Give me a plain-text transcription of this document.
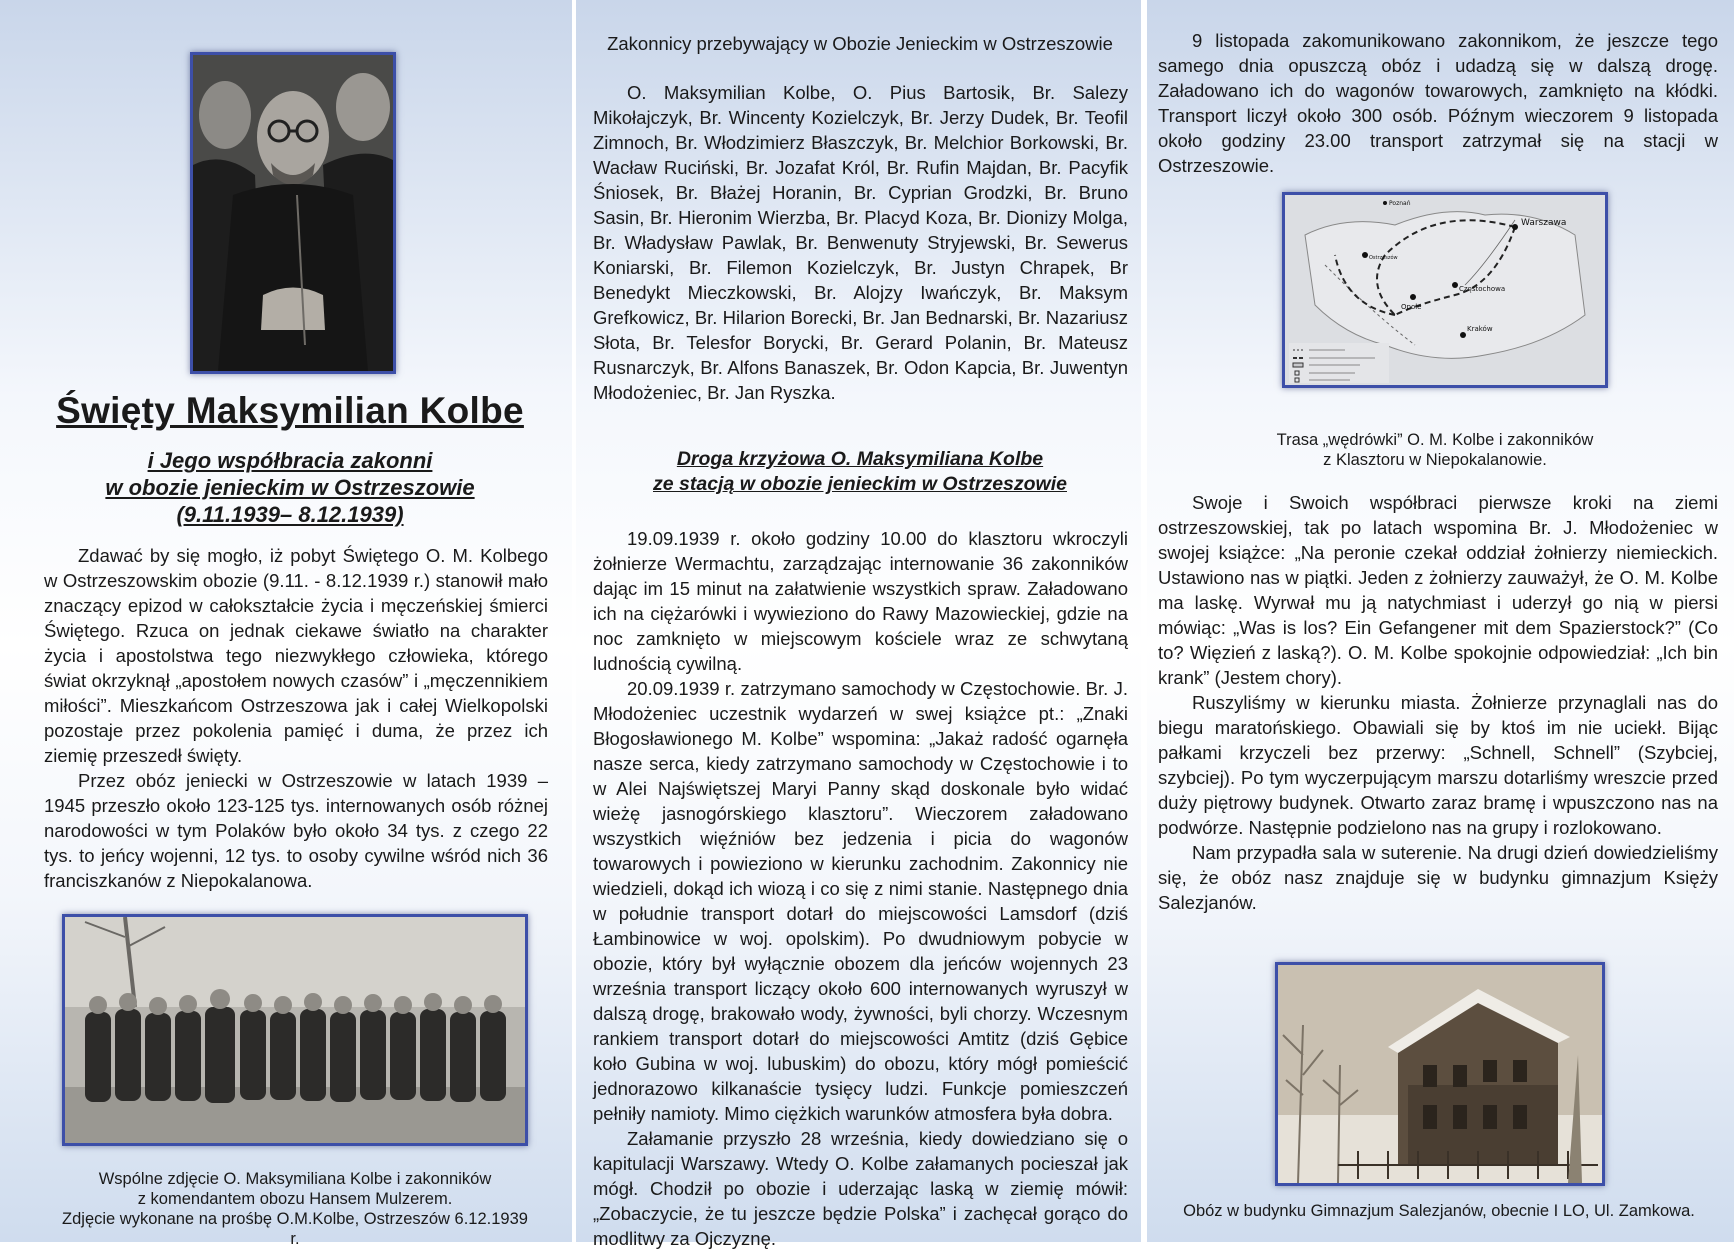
Święty Maksymilian Kolbe
i Jego współbracia zakonni
w obozie jenieckim w Ostrzeszowie
(9.11.1939– 8.12.1939)

Zdawać by się mogło, iż pobyt Świętego O. M. Kolbego w Ostrzeszowskim obozie (9.11. - 8.12.1939 r.) stanowił mało znaczący epizod w całokształcie życia i męczeńskiej śmierci Świętego. Rzuca on jednak ciekawe światło na charakter życia i apostolstwa tego niezwykłego człowieka, którego świat okrzyknął „apostołem nowych czasów” i „męczennikiem miłości”. Mieszkańcom Ostrzeszowa jak i całej Wielkopolski pozostaje przez pokolenia pamięć i duma, że przez ich ziemię przeszedł święty.

Przez obóz jeniecki w Ostrzeszowie w latach 1939 – 1945 przeszło około 123-125 tys. internowanych osób różnej narodowości w tym Polaków było około 34 tys. z czego 22 tys. to jeńcy wojenni, 12 tys. to osoby cywilne wśród nich 36 franciszkanów z Niepokalanowa.

Wspólne zdjęcie O. Maksymiliana Kolbe i zakonników
z komendantem obozu Hansem Mulzerem.
Zdjęcie wykonane na prośbę O.M.Kolbe, Ostrzeszów 6.12.1939 r.
Zakonnicy przebywający w Obozie Jenieckim w Ostrzeszowie

O. Maksymilian Kolbe, O. Pius Bartosik, Br. Salezy Mikołajczyk, Br. Wincenty Kozielczyk, Br. Jerzy Dudek, Br. Teofil Zimnoch, Br. Włodzimierz Błaszczyk, Br. Melchior Borkowski, Br. Wacław Ruciński, Br. Jozafat Król, Br. Rufin Majdan, Br. Pacyfik Śniosek, Br. Błażej Horanin, Br. Cyprian Grodzki, Br. Bruno Sasin, Br. Hieronim Wierzba, Br. Placyd Koza, Br. Dionizy Molga, Br. Władysław Pawlak, Br. Benwenuty Stryjewski, Br. Sewerus Koniarski, Br. Filemon Kozielczyk, Br. Justyn Chrapek, Br Benedykt Mieczkowski, Br. Alojzy Iwańczyk, Br. Maksym Grefkowicz, Br. Hilarion Borecki, Br. Jan Bednarski, Br. Nazariusz Słota, Br. Telesfor Borycki, Br. Gerard Polanin, Br. Mateusz Rusnarczyk, Br. Alfons Banaszek, Br. Odon Kapcia, Br. Juwentyn Młodożeniec, Br. Jan Ryszka.

Droga krzyżowa O. Maksymiliana Kolbe
ze stacją w obozie jenieckim w Ostrzeszowie

19.09.1939 r. około godziny 10.00 do klasztoru wkroczyli żołnierze Wermachtu, zarządzając internowanie 36 zakonników dając im 15 minut na załatwienie wszystkich spraw. Załadowano ich na ciężarówki i wywieziono do Rawy Mazowieckiej, gdzie na noc zamknięto w miejscowym kościele wraz ze schwytaną ludnością cywilną.

20.09.1939 r. zatrzymano samochody w Częstochowie. Br. J. Młodożeniec uczestnik wydarzeń w swej książce pt.: „Znaki Błogosławionego M. Kolbe” wspomina: „Jakaż radość ogarnęła nasze serca, kiedy zatrzymano samochody w Częstochowie i to w Alei Najświętszej Maryi Panny skąd doskonale było widać wieżę jasnogórskiego klasztoru”. Wieczorem załadowano wszystkich więźniów bez jedzenia i picia do wagonów towarowych i powieziono w kierunku zachodnim. Zakonnicy nie wiedzieli, dokąd ich wiozą i co się z nimi stanie. Następnego dnia w południe transport dotarł do miejscowości Lamsdorf (dziś Łambinowice w woj. opolskim). Po dwudniowym pobycie w obozie, który był wyłącznie obozem dla jeńców wojennych 23 września transport liczący około 600 internowanych wyruszył w dalszą drogę, brakowało wody, żywności, byli chorzy. Wczesnym rankiem transport dotarł do miejscowości Amtitz (dziś Gębice koło Gubina w woj. lubuskim) do obozu, który mógł pomieścić jednorazowo kilkanaście tysięcy ludzi. Funkcje pomieszczeń pełniły namioty. Mimo ciężkich warunków atmosfera była dobra.

Załamanie przyszło 28 września, kiedy dowiedziano się o kapitulacji Warszawy. Wtedy O. Kolbe załamanych pocieszał jak mógł. Chodził po obozie i uderzając laską w ziemię mówił: „Zobaczycie, że tu jeszcze będzie Polska” i zachęcał gorąco do modlitwy za Ojczyznę.

9 listopada zakomunikowano zakonnikom, że jeszcze tego samego dnia opuszczą obóz i udadzą się w dalszą drogę. Załadowano ich do wagonów towarowych, zamknięto na kłódki. Transport liczył około 300 osób. Późnym wieczorem 9 listopada około godziny 23.00 transport zatrzymał się na stacji w Ostrzeszowie.

Warszawa
Poznań
Częstochowa
Opole
Kraków
Ostrzeszów
Trasa „wędrówki” O. M. Kolbe i zakonników
z Klasztoru w Niepokalanowie.

Swoje i Swoich współbraci pierwsze kroki na ziemi ostrzeszowskiej, tak po latach wspomina Br. J. Młodożeniec w swojej książce: „Na peronie czekał oddział żołnierzy niemieckich. Ustawiono nas w piątki. Jeden z żołnierzy zauważył, że O. M. Kolbe ma laskę. Wyrwał mu ją natychmiast i uderzył go nią w piersi mówiąc: „Was is los? Ein Gefangener mit dem Spazierstock?” (Co to? Więzień z laską?). O. M. Kolbe spokojnie odpowiedział: „Ich bin krank” (Jestem chory).

Ruszyliśmy w kierunku miasta. Żołnierze przynaglali nas do biegu maratońskiego. Obawiali się by ktoś im nie uciekł. Bijąc pałkami krzyczeli bez przerwy: „Schnell, Schnell” (Szybciej, szybciej). Po tym wyczerpującym marszu dotarliśmy wreszcie przed duży piętrowy budynek. Otwarto zaraz bramę i wpuszczono nas na podwórze. Następnie podzielono nas na grupy i rozlokowano.

Nam przypadła sala w suterenie. Na drugi dzień dowiedzieliśmy się, że obóz nasz znajduje się w budynku gimnazjum Księży Salezjanów.

Obóz w budynku Gimnazjum Salezjanów, obecnie I LO, Ul. Zamkowa.
